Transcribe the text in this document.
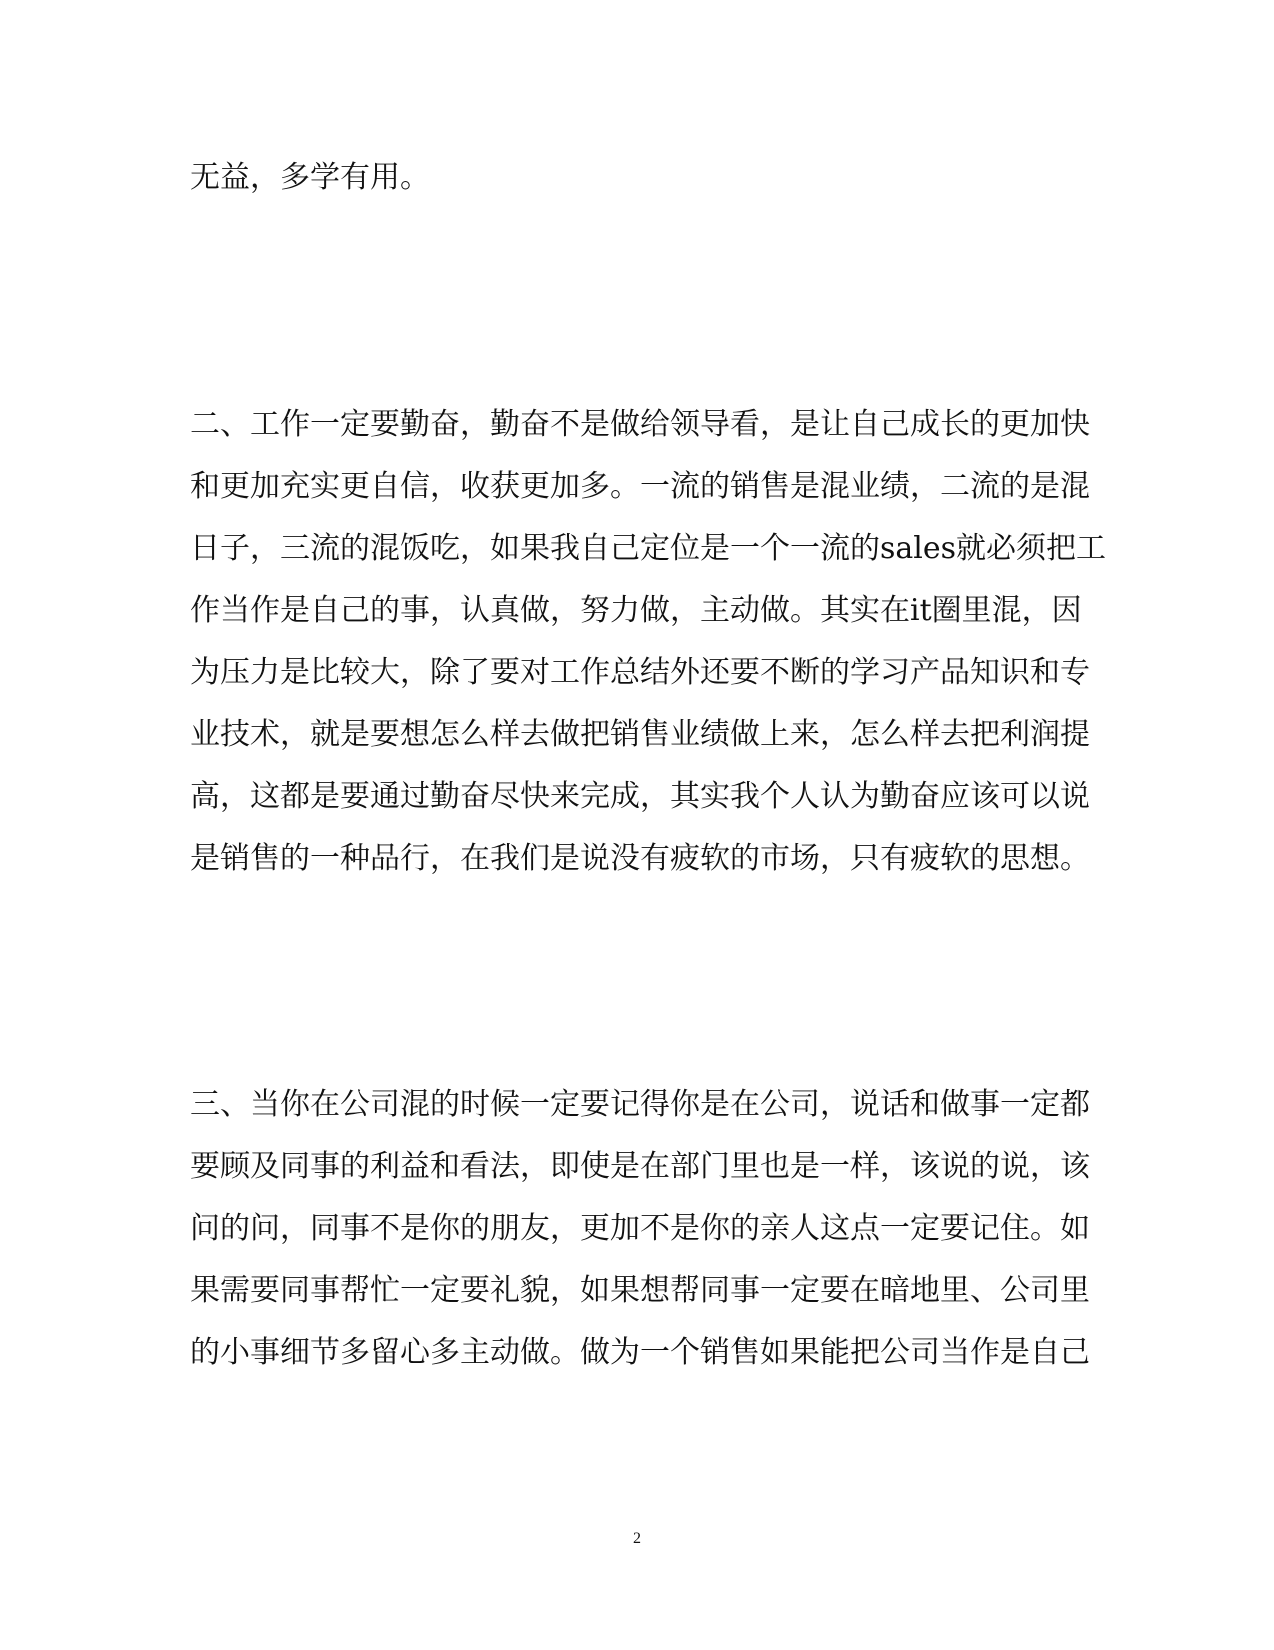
无益，多学有用。
二、工作一定要勤奋，勤奋不是做给领导看，是让自己成长的更加快
和更加充实更自信，收获更加多。一流的销售是混业绩，二流的是混
日子，三流的混饭吃，如果我自己定位是一个一流的sales就必须把工
作当作是自己的事，认真做，努力做，主动做。其实在it圈里混，因
为压力是比较大，除了要对工作总结外还要不断的学习产品知识和专
业技术，就是要想怎么样去做把销售业绩做上来，怎么样去把利润提
高，这都是要通过勤奋尽快来完成，其实我个人认为勤奋应该可以说
是销售的一种品行，在我们是说没有疲软的市场，只有疲软的思想。
三、当你在公司混的时候一定要记得你是在公司，说话和做事一定都
要顾及同事的利益和看法，即使是在部门里也是一样，该说的说，该
问的问，同事不是你的朋友，更加不是你的亲人这点一定要记住。如
果需要同事帮忙一定要礼貌，如果想帮同事一定要在暗地里、公司里
的小事细节多留心多主动做。做为一个销售如果能把公司当作是自己
2
